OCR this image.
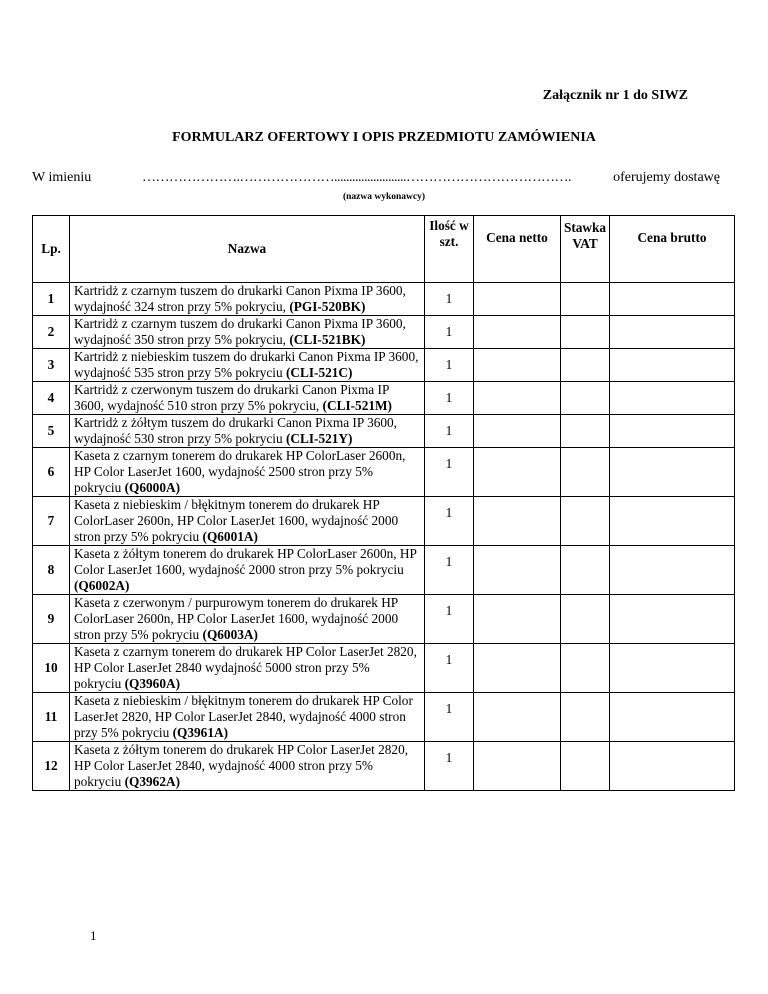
Załącznik nr 1 do SIWZ
FORMULARZ OFERTOWY I OPIS PRZEDMIOTU ZAMÓWIENIA
W imieniu	………………….…………………........................……………………………….	oferujemy dostawę
(nazwa wykonawcy)
Lp.	Nazwa	Ilość w szt.	Cena netto	Stawka VAT	Cena brutto
1	Kartridż z czarnym tuszem do drukarki Canon Pixma IP 3600, wydajność 324 stron przy 5% pokryciu, (PGI-520BK)	1			

2	Kartridż z czarnym tuszem do drukarki Canon Pixma IP 3600, wydajność 350 stron przy 5% pokryciu, (CLI-521BK)	1			

3	Kartridż z niebieskim tuszem do drukarki Canon Pixma IP 3600, wydajność 535 stron przy 5% pokryciu (CLI-521C)	1			

4	Kartridż z czerwonym tuszem do drukarki Canon Pixma IP 3600, wydajność 510 stron przy 5% pokryciu, (CLI-521M)	1			

5	Kartridż z żółtym tuszem do drukarki Canon Pixma IP 3600, wydajność 530 stron przy 5% pokryciu (CLI-521Y)	1			

6	Kaseta z czarnym tonerem do drukarek HP ColorLaser 2600n, HP Color LaserJet 1600, wydajność 2500 stron przy 5% pokryciu (Q6000A)	1			

7	Kaseta z niebieskim / błękitnym tonerem do drukarek HP ColorLaser 2600n, HP Color LaserJet 1600, wydajność 2000 stron przy 5% pokryciu (Q6001A)	1			

8	Kaseta z żółtym tonerem do drukarek HP ColorLaser 2600n, HP Color LaserJet 1600, wydajność 2000 stron przy 5% pokryciu (Q6002A)	1			

9	Kaseta z czerwonym / purpurowym tonerem do drukarek HP ColorLaser 2600n, HP Color LaserJet 1600, wydajność 2000 stron przy 5% pokryciu (Q6003A)	1			

10	Kaseta z czarnym tonerem do drukarek HP Color LaserJet 2820, HP Color LaserJet 2840 wydajność 5000 stron przy 5% pokryciu (Q3960A)	1			

11	Kaseta z niebieskim / błękitnym tonerem do drukarek HP Color LaserJet 2820, HP Color LaserJet 2840, wydajność 4000 stron przy 5% pokryciu (Q3961A)	1			

12	Kaseta z żółtym tonerem do drukarek HP Color LaserJet 2820, HP Color LaserJet 2840, wydajność 4000 stron przy 5% pokryciu (Q3962A)	1			

1
